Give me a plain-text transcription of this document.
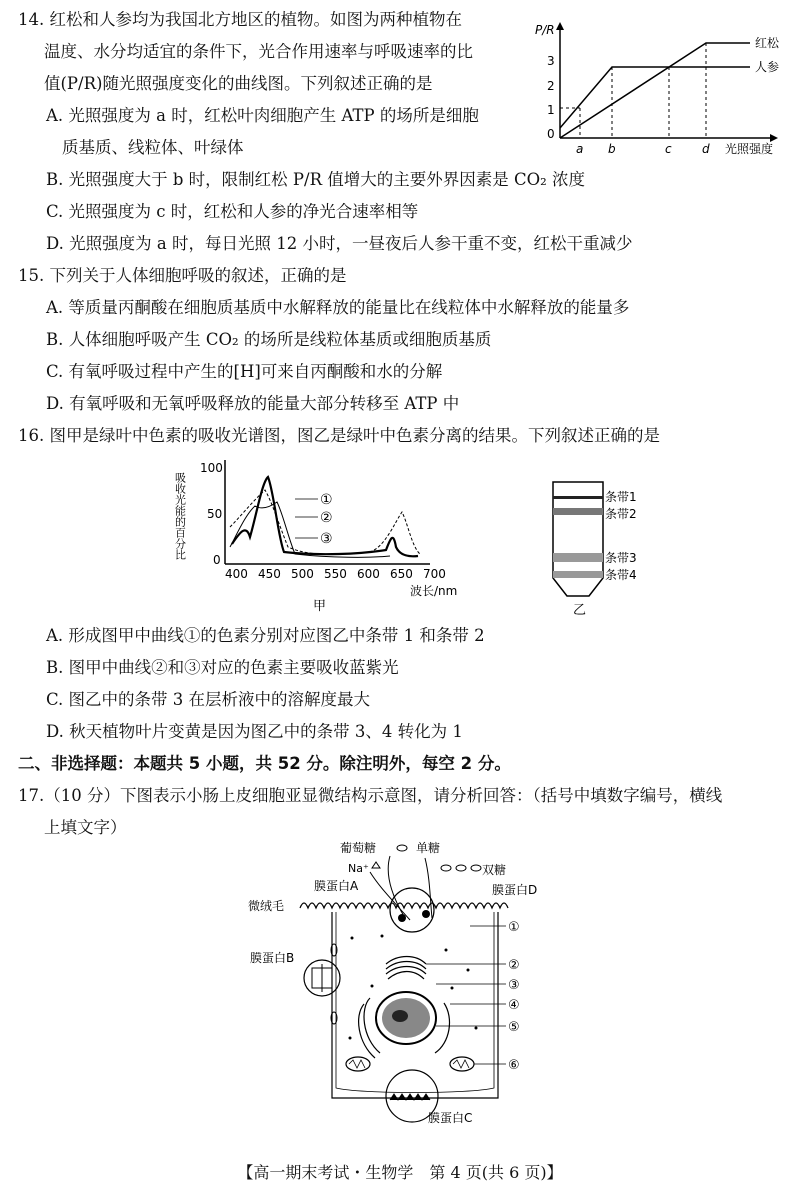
14. 红松和人参均为我国北方地区的植物。如图为两种植物在
温度、水分均适宜的条件下，光合作用速率与呼吸速率的比
值(P/R)随光照强度变化的曲线图。下列叙述正确的是
A. 光照强度为 a 时，红松叶肉细胞产生 ATP 的场所是细胞
质基质、线粒体、叶绿体
B. 光照强度大于 b 时，限制红松 P/R 值增大的主要外界因素是 CO₂ 浓度
C. 光照强度为 c 时，红松和人参的净光合速率相等
D. 光照强度为 a 时，每日光照 12 小时，一昼夜后人参干重不变，红松干重减少
P/R
3
2
1
0
a b	c	d 光照强度
红松
人参
15. 下列关于人体细胞呼吸的叙述，正确的是
A. 等质量丙酮酸在细胞质基质中水解释放的能量比在线粒体中水解释放的能量多
B. 人体细胞呼吸产生 CO₂ 的场所是线粒体基质或细胞质基质
C. 有氧呼吸过程中产生的[H]可来自丙酮酸和水的分解
D. 有氧呼吸和无氧呼吸释放的能量大部分转移至 ATP 中
16. 图甲是绿叶中色素的吸收光谱图，图乙是绿叶中色素分离的结果。下列叙述正确的是
吸收光能的百分比
100
50
0
400 450 500 550 600 650 700
波长/nm
①
②
③
甲
条带1
条带2
条带3
条带4
乙
A. 形成图甲中曲线①的色素分别对应图乙中条带 1 和条带 2
B. 图甲中曲线②和③对应的色素主要吸收蓝紫光
C. 图乙中的条带 3 在层析液中的溶解度最大
D. 秋天植物叶片变黄是因为图乙中的条带 3、4 转化为 1
二、非选择题：本题共 5 小题，共 52 分。除注明外，每空 2 分。
17.（10 分）下图表示小肠上皮细胞亚显微结构示意图，请分析回答：（括号中填数字编号，横线
上填文字）
葡萄糖	单糖
双糖
Na⁺
膜蛋白A	膜蛋白D
微绒毛
膜蛋白B
膜蛋白C
①
②
③
④
⑤
⑥
【高一期末考试・生物学　第 4 页(共 6 页)】
